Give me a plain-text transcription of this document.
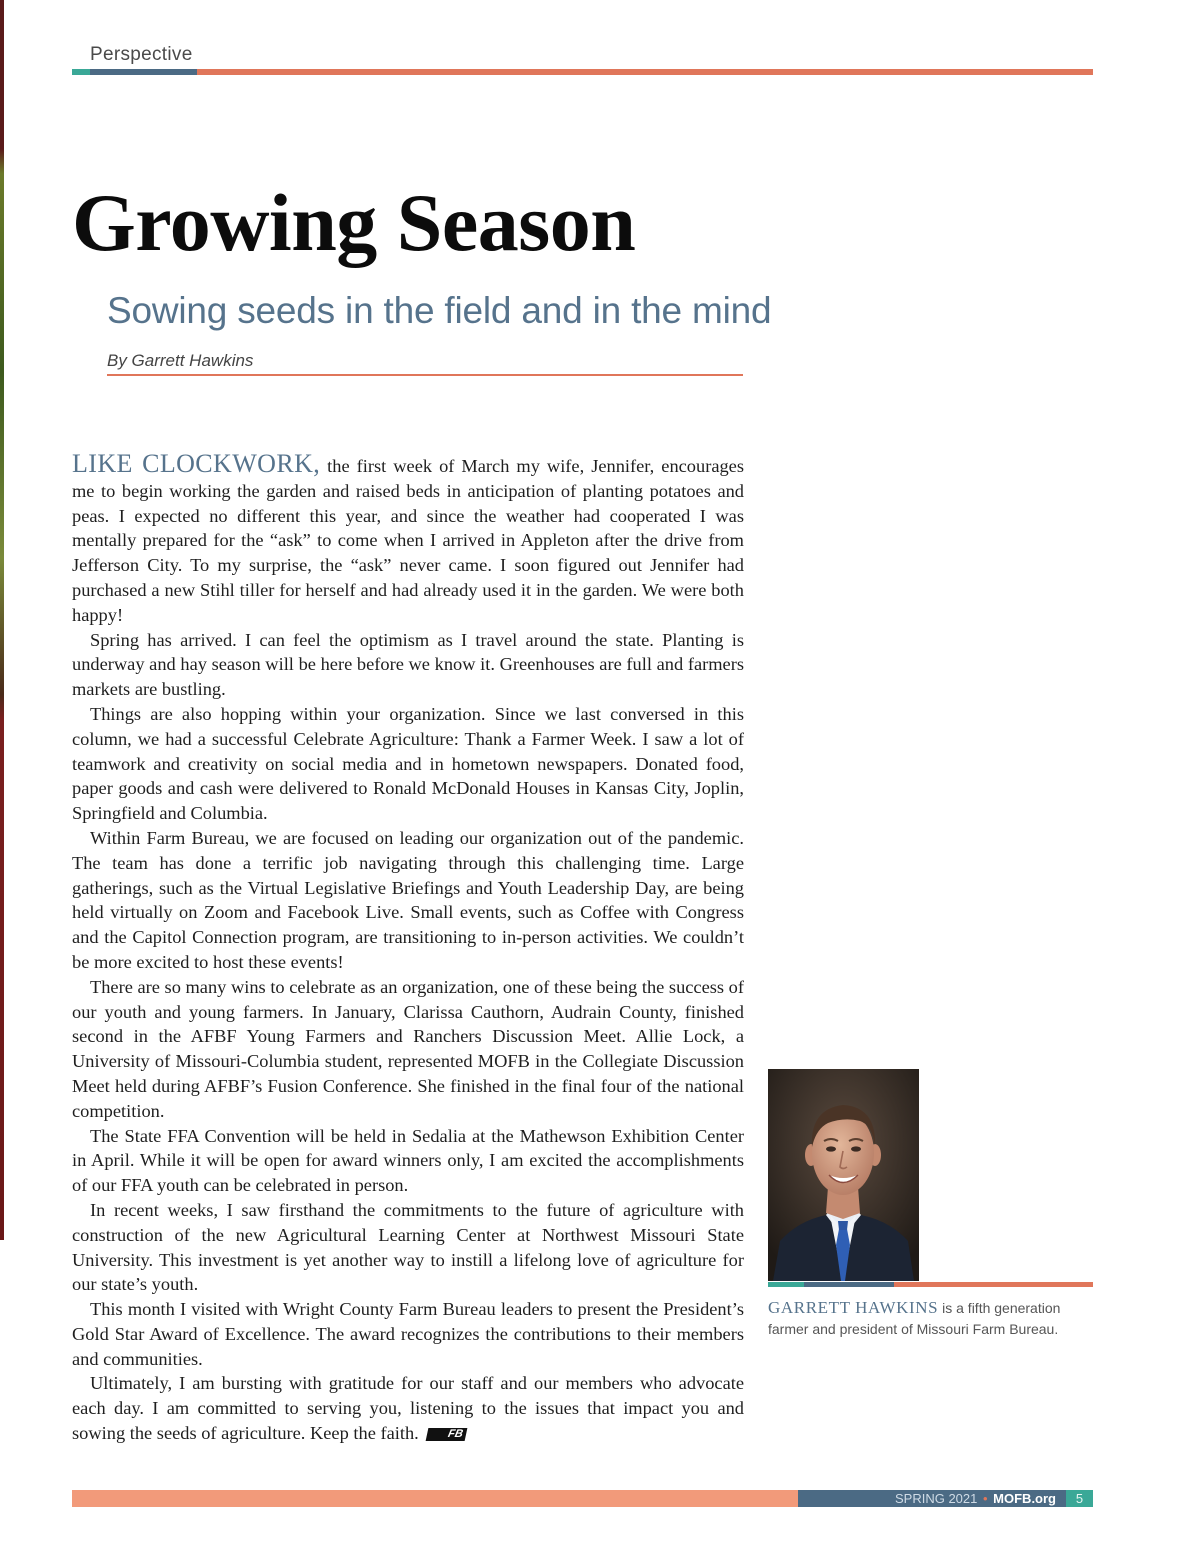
Perspective
Growing Season
Sowing seeds in the field and in the mind
By Garrett Hawkins

LIKE CLOCKWORK, the first week of March my wife, Jennifer, encourages me to begin working the garden and raised beds in anticipation of planting potatoes and peas. I expected no different this year, and since the weather had cooperated I was mentally prepared for the “ask” to come when I arrived in Appleton after the drive from Jefferson City. To my surprise, the “ask” never came. I soon figured out Jennifer had purchased a new Stihl tiller for herself and had already used it in the garden. We were both happy!

Spring has arrived. I can feel the optimism as I travel around the state. Planting is underway and hay season will be here before we know it. Greenhouses are full and farmers markets are bustling.

Things are also hopping within your organization. Since we last conversed in this column, we had a successful Celebrate Agriculture: Thank a Farmer Week. I saw a lot of teamwork and creativity on social media and in hometown newspapers. Donated food, paper goods and cash were delivered to Ronald McDonald Houses in Kansas City, Joplin, Springfield and Columbia.

Within Farm Bureau, we are focused on leading our organization out of the pandemic. The team has done a terrific job navigating through this challenging time. Large gatherings, such as the Virtual Legislative Briefings and Youth Leadership Day, are being held virtually on Zoom and Facebook Live. Small events, such as Coffee with Congress and the Capitol Connection program, are transitioning to in-person activities. We couldn’t be more excited to host these events!

There are so many wins to celebrate as an organization, one of these being the success of our youth and young farmers. In January, Clarissa Cauthorn, Audrain County, finished second in the AFBF Young Farmers and Ranchers Discussion Meet. Allie Lock, a University of Missouri-Columbia student, represented MOFB in the Collegiate Discussion Meet held during AFBF’s Fusion Conference. She finished in the final four of the national competition.

The State FFA Convention will be held in Sedalia at the Mathewson Exhibition Center in April. While it will be open for award winners only, I am excited the accomplishments of our FFA youth can be celebrated in person.

In recent weeks, I saw firsthand the commitments to the future of agriculture with construction of the new Agricultural Learning Center at Northwest Missouri State University. This investment is yet another way to instill a lifelong love of agriculture for our state’s youth.

This month I visited with Wright County Farm Bureau leaders to present the President’s Gold Star Award of Excellence. The award recognizes the contributions to their members and communities.

Ultimately, I am bursting with gratitude for our staff and our members who advocate each day. I am committed to serving you, listening to the issues that impact you and sowing the seeds of agriculture. Keep the faith.	FB

GARRETT HAWKINS is a fifth generation farmer and president of Missouri Farm Bureau.
SPRING 2021 • MOFB.org	5
